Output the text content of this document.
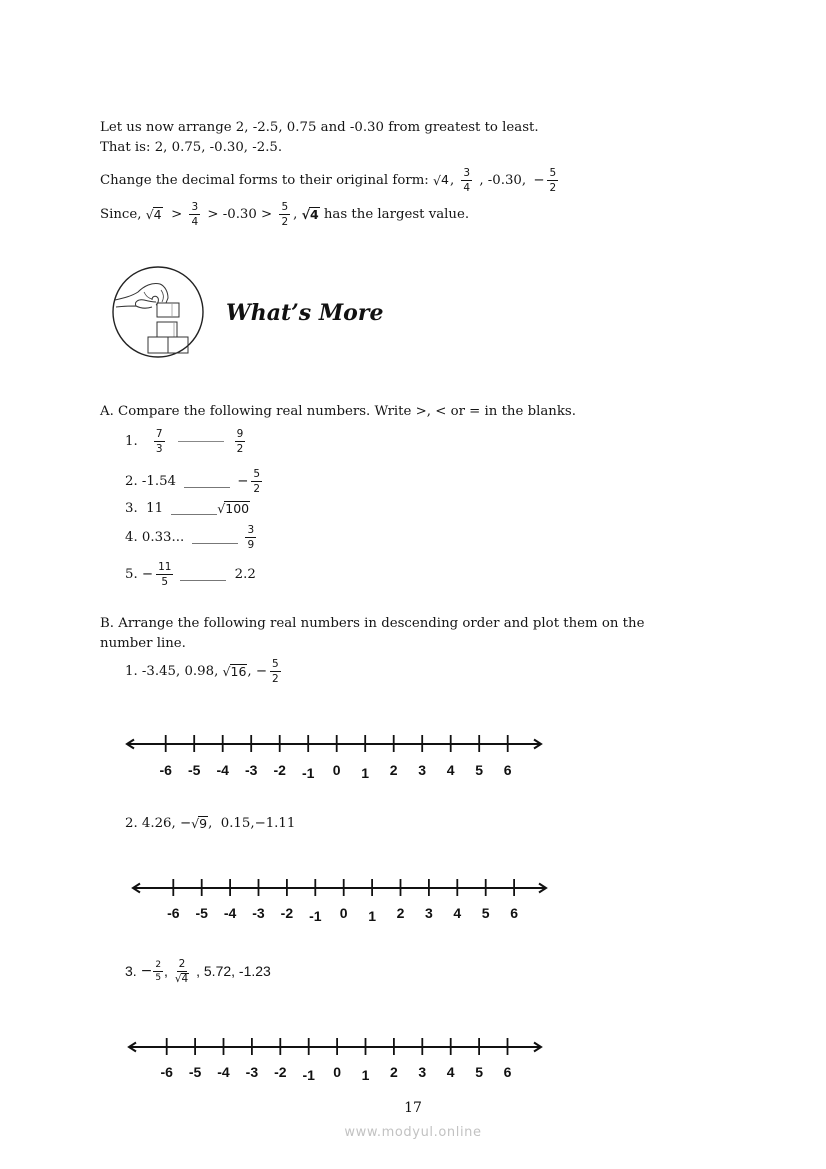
Let us now arrange 2, -2.5, 0.75 and -0.30 from greatest to least.
That is: 2, 0.75, -0.30, -2.5.
Change the decimal forms to their original form: √ 4 , $\frac{3}{4}$ , -0.30, − $\frac{5}{2}$
Since, √ $4 > \frac{3}{4} > -0.30 > \frac{5}{2}$ , √ 4 has the largest value.
What’s More
A. Compare the following real numbers. Write >, < or = in the blanks.
1. $\frac{7}{3}$	$\frac{9}{2}$
2. -1.54	− $\frac{5}{2}$
3.  11	√ 100
4. 0.33...	$\frac{3}{9}$
5. − $\frac{11}{5}$	2.2
B. Arrange the following real numbers in descending order and plot them on the
number line.
1. -3.45, 0.98, √ 16 , − $\frac{5}{2}$
-6 -5 -4 -3 -2 -1 0 1 2 3 4 5 6
2. 4.26, − √ 9 ,  0.15,−1.11
-6 -5 -4 -3 -2 -1 0 1 2 3 4 5 6
3. − $\frac{2}{5}$ , $\frac{2}{√ 4}$ , 5.72, -1.23
-6 -5 -4 -3 -2 -1 0 1 2 3 4 5 6
17
www.modyul.online
